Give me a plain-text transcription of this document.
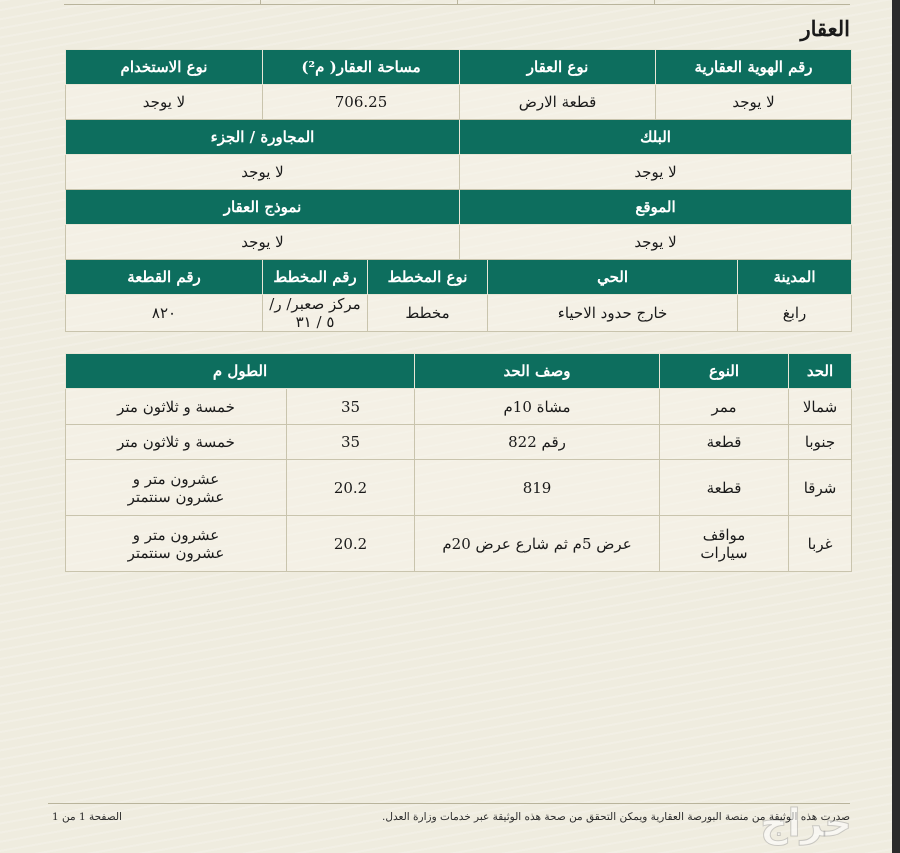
العقار
رقم الهوية العقارية		نوع العقار		مساحة العقار( م²)		نوع الاستخدام
لا يوجد		قطعة الارض		706.25		لا يوجد
البلك				المجاورة / الجزء		
لا يوجد				لا يوجد		
الموقع				نموذج العقار		
لا يوجد				لا يوجد		
المدينة	الحي		نوع المخطط		رقم المخطط	رقم القطعة
رابغ	خارج حدود الاحياء		مخطط		مركز صعبر/ ر/ ٥ / ٣١	٨٢٠
الحد	النوع	وصف الحد	الطول م	
شمالا	ممر	مشاة 10م	35	خمسة و ثلاثون متر
جنوبا	قطعة	رقم 822	35	خمسة و ثلاثون متر
شرقا	قطعة	819	20.2	عشرون متر و عشرون سنتمتر
غربا	مواقف سيارات	عرض 5م ثم شارع عرض 20م	20.2	عشرون متر و عشرون سنتمتر
صدرت هذه الوثيقة من منصة البورصة العقارية ويمكن التحقق من صحة هذه الوثيقة عبر خدمات وزارة العدل.
الصفحة 1 من 1	حراج
